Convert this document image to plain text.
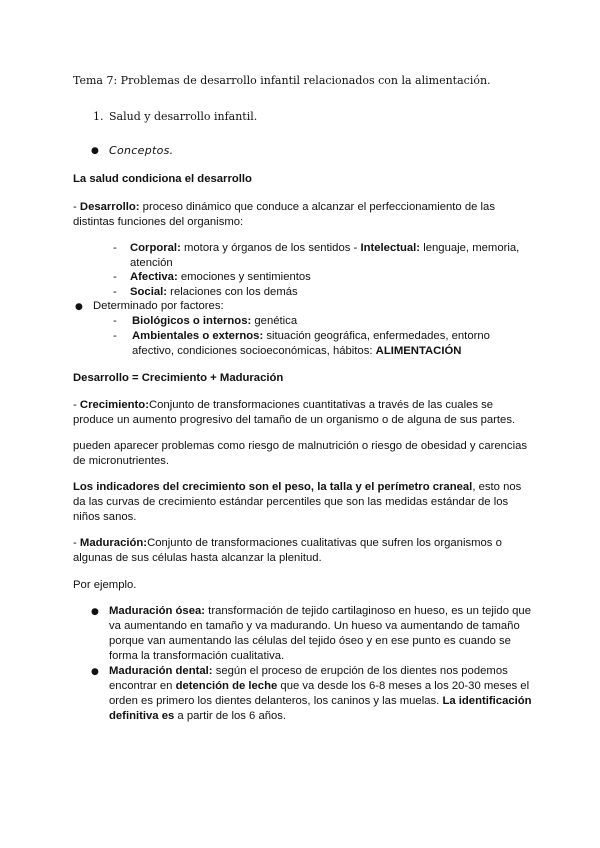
Tema 7: Problemas de desarrollo infantil relacionados con la alimentación.
1. Salud y desarrollo infantil.
● Conceptos.
La salud condiciona el desarrollo
- Desarrollo: proceso dinámico que conduce a alcanzar el perfeccionamiento de las
distintas funciones del organismo:
- Corporal: motora y órganos de los sentidos - Intelectual: lenguaje, memoria,
atención
- Afectiva: emociones y sentimientos
- Social: relaciones con los demás
● Determinado por factores:
- Biológicos o internos: genética
- Ambientales o externos: situación geográfica, enfermedades, entorno
afectivo, condiciones socioeconómicas, hábitos: ALIMENTACIÓN
Desarrollo = Crecimiento + Maduración
- Crecimiento:Conjunto de transformaciones cuantitativas a través de las cuales se
produce un aumento progresivo del tamaño de un organismo o de alguna de sus partes.
pueden aparecer problemas como riesgo de malnutrición o riesgo de obesidad y carencias
de micronutrientes.
Los indicadores del crecimiento son el peso, la talla y el perímetro craneal, esto nos
da las curvas de crecimiento estándar percentiles que son las medidas estándar de los
niños sanos.
- Maduración:Conjunto de transformaciones cualitativas que sufren los organismos o
algunas de sus células hasta alcanzar la plenitud.
Por ejemplo.
● Maduración ósea: transformación de tejido cartilaginoso en hueso, es un tejido que
va aumentando en tamaño y va madurando. Un hueso va aumentando de tamaño
porque van aumentando las células del tejido óseo y en ese punto es cuando se
forma la transformación cualitativa.
● Maduración dental: según el proceso de erupción de los dientes nos podemos
encontrar en detención de leche que va desde los 6-8 meses a los 20-30 meses el
orden es primero los dientes delanteros, los caninos y las muelas. La identificación
definitiva es a partir de los 6 años.
